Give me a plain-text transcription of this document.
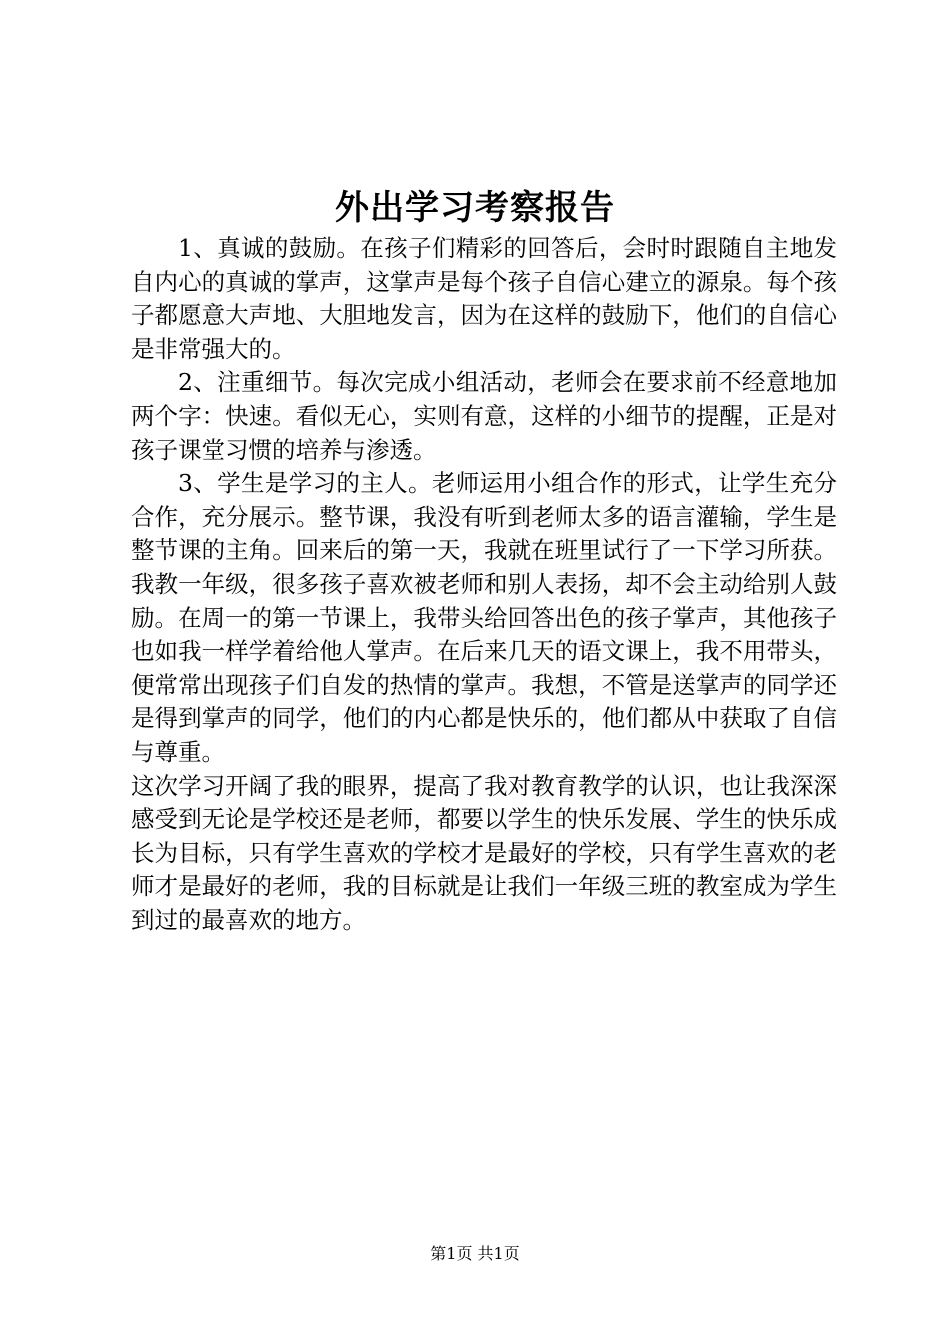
外出学习考察报告

1、真诚的鼓励。在孩子们精彩的回答后，会时时跟随自主地发自内心的真诚的掌声，这掌声是每个孩子自信心建立的源泉。每个孩子都愿意大声地、大胆地发言，因为在这样的鼓励下，他们的自信心是非常强大的。

2、注重细节。每次完成小组活动，老师会在要求前不经意地加两个字：快速。看似无心，实则有意，这样的小细节的提醒，正是对孩子课堂习惯的培养与渗透。

3、学生是学习的主人。老师运用小组合作的形式，让学生充分合作，充分展示。整节课，我没有听到老师太多的语言灌输，学生是整节课的主角。回来后的第一天，我就在班里试行了一下学习所获。我教一年级，很多孩子喜欢被老师和别人表扬，却不会主动给别人鼓励。在周一的第一节课上，我带头给回答出色的孩子掌声，其他孩子也如我一样学着给他人掌声。在后来几天的语文课上，我不用带头，便常常出现孩子们自发的热情的掌声。我想，不管是送掌声的同学还是得到掌声的同学，他们的内心都是快乐的，他们都从中获取了自信与尊重。

这次学习开阔了我的眼界，提高了我对教育教学的认识，也让我深深感受到无论是学校还是老师，都要以学生的快乐发展、学生的快乐成长为目标，只有学生喜欢的学校才是最好的学校，只有学生喜欢的老师才是最好的老师，我的目标就是让我们一年级三班的教室成为学生到过的最喜欢的地方。

第1页 共1页
